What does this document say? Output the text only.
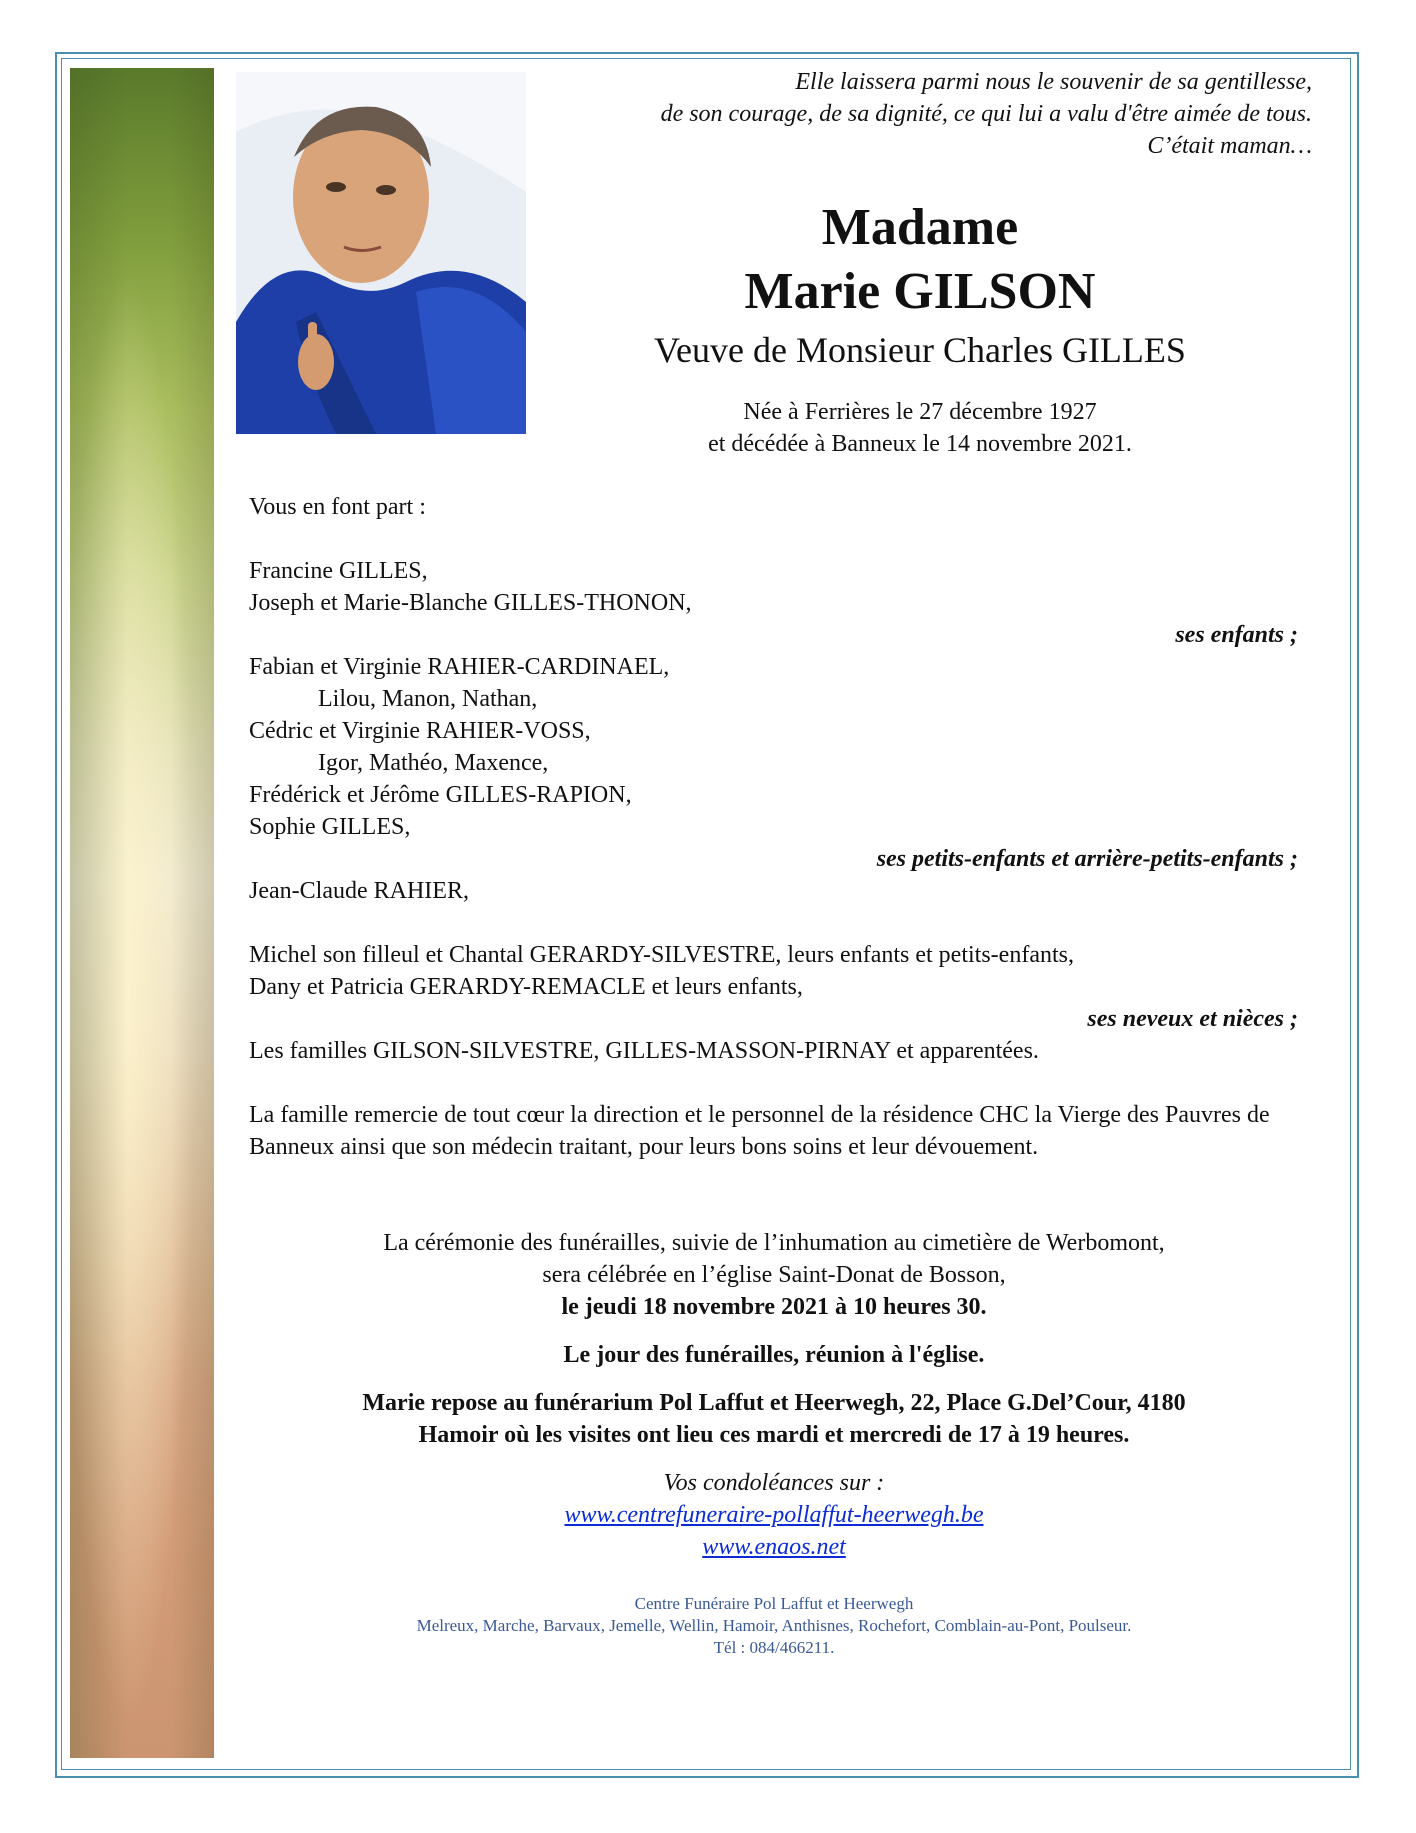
Elle laissera parmi nous le souvenir de sa gentillesse,
de son courage, de sa dignité, ce qui lui a valu d'être aimée de tous.
C’était maman…
Madame
Marie GILSON
Veuve de Monsieur Charles GILLES
Née à Ferrières le 27 décembre 1927
et décédée à Banneux le 14 novembre 2021.
Vous en font part :
Francine GILLES,
Joseph et Marie-Blanche GILLES-THONON,
ses enfants ;
Fabian et Virginie RAHIER-CARDINAEL,
Lilou, Manon, Nathan,
Cédric et Virginie RAHIER-VOSS,
Igor, Mathéo, Maxence,
Frédérick et Jérôme GILLES-RAPION,
Sophie GILLES,
ses petits-enfants et arrière-petits-enfants ;
Jean-Claude RAHIER,
Michel son filleul et Chantal GERARDY-SILVESTRE, leurs enfants et petits-enfants,
Dany et Patricia GERARDY-REMACLE et leurs enfants,
ses neveux et nièces ;
Les familles GILSON-SILVESTRE, GILLES-MASSON-PIRNAY et apparentées.
La famille remercie de tout cœur la direction et le personnel de la résidence CHC la Vierge des Pauvres de Banneux ainsi que son médecin traitant, pour leurs bons soins et leur dévouement.
La cérémonie des funérailles, suivie de l’inhumation au cimetière de Werbomont,
sera célébrée en l’église Saint-Donat de Bosson,
le jeudi 18 novembre 2021 à 10 heures 30.
Le jour des funérailles, réunion à l'église.
Marie repose au funérarium Pol Laffut et Heerwegh, 22, Place G.Del’Cour, 4180
Hamoir où les visites ont lieu ces mardi et mercredi de 17 à 19 heures.
Vos condoléances sur :
www.centrefuneraire-pollaffut-heerwegh.be
www.enaos.net
Centre Funéraire Pol Laffut et Heerwegh
Melreux, Marche, Barvaux, Jemelle, Wellin, Hamoir, Anthisnes, Rochefort, Comblain-au-Pont, Poulseur.
Tél : 084/466211.
